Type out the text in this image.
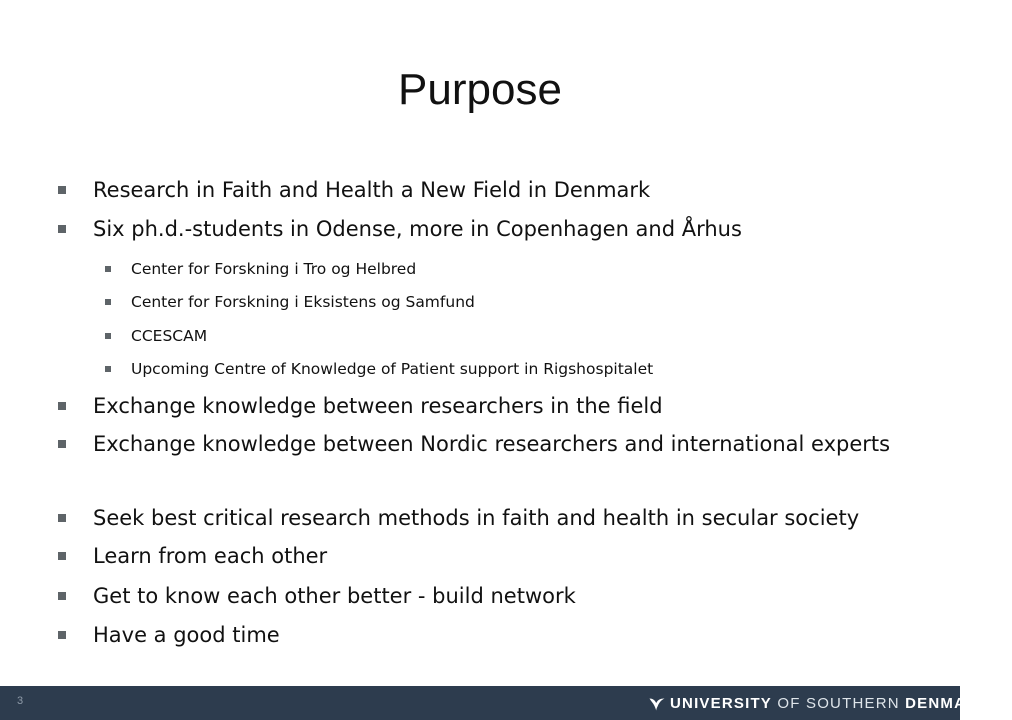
Purpose
Research in Faith and Health a New Field in Denmark
Six ph.d.-students in Odense, more in Copenhagen and Århus
Center for Forskning i Tro og Helbred
Center for Forskning i Eksistens og Samfund
CCESCAM
Upcoming Centre of Knowledge of Patient support in Rigshospitalet
Exchange knowledge between researchers in the field
Exchange knowledge between Nordic researchers and international experts
Seek best critical research methods in faith and health in secular society
Learn from each other
Get to know each other better - build network
Have a good time
3	UNIVERSITY
OF SOUTHERN
DENMARK .DK
